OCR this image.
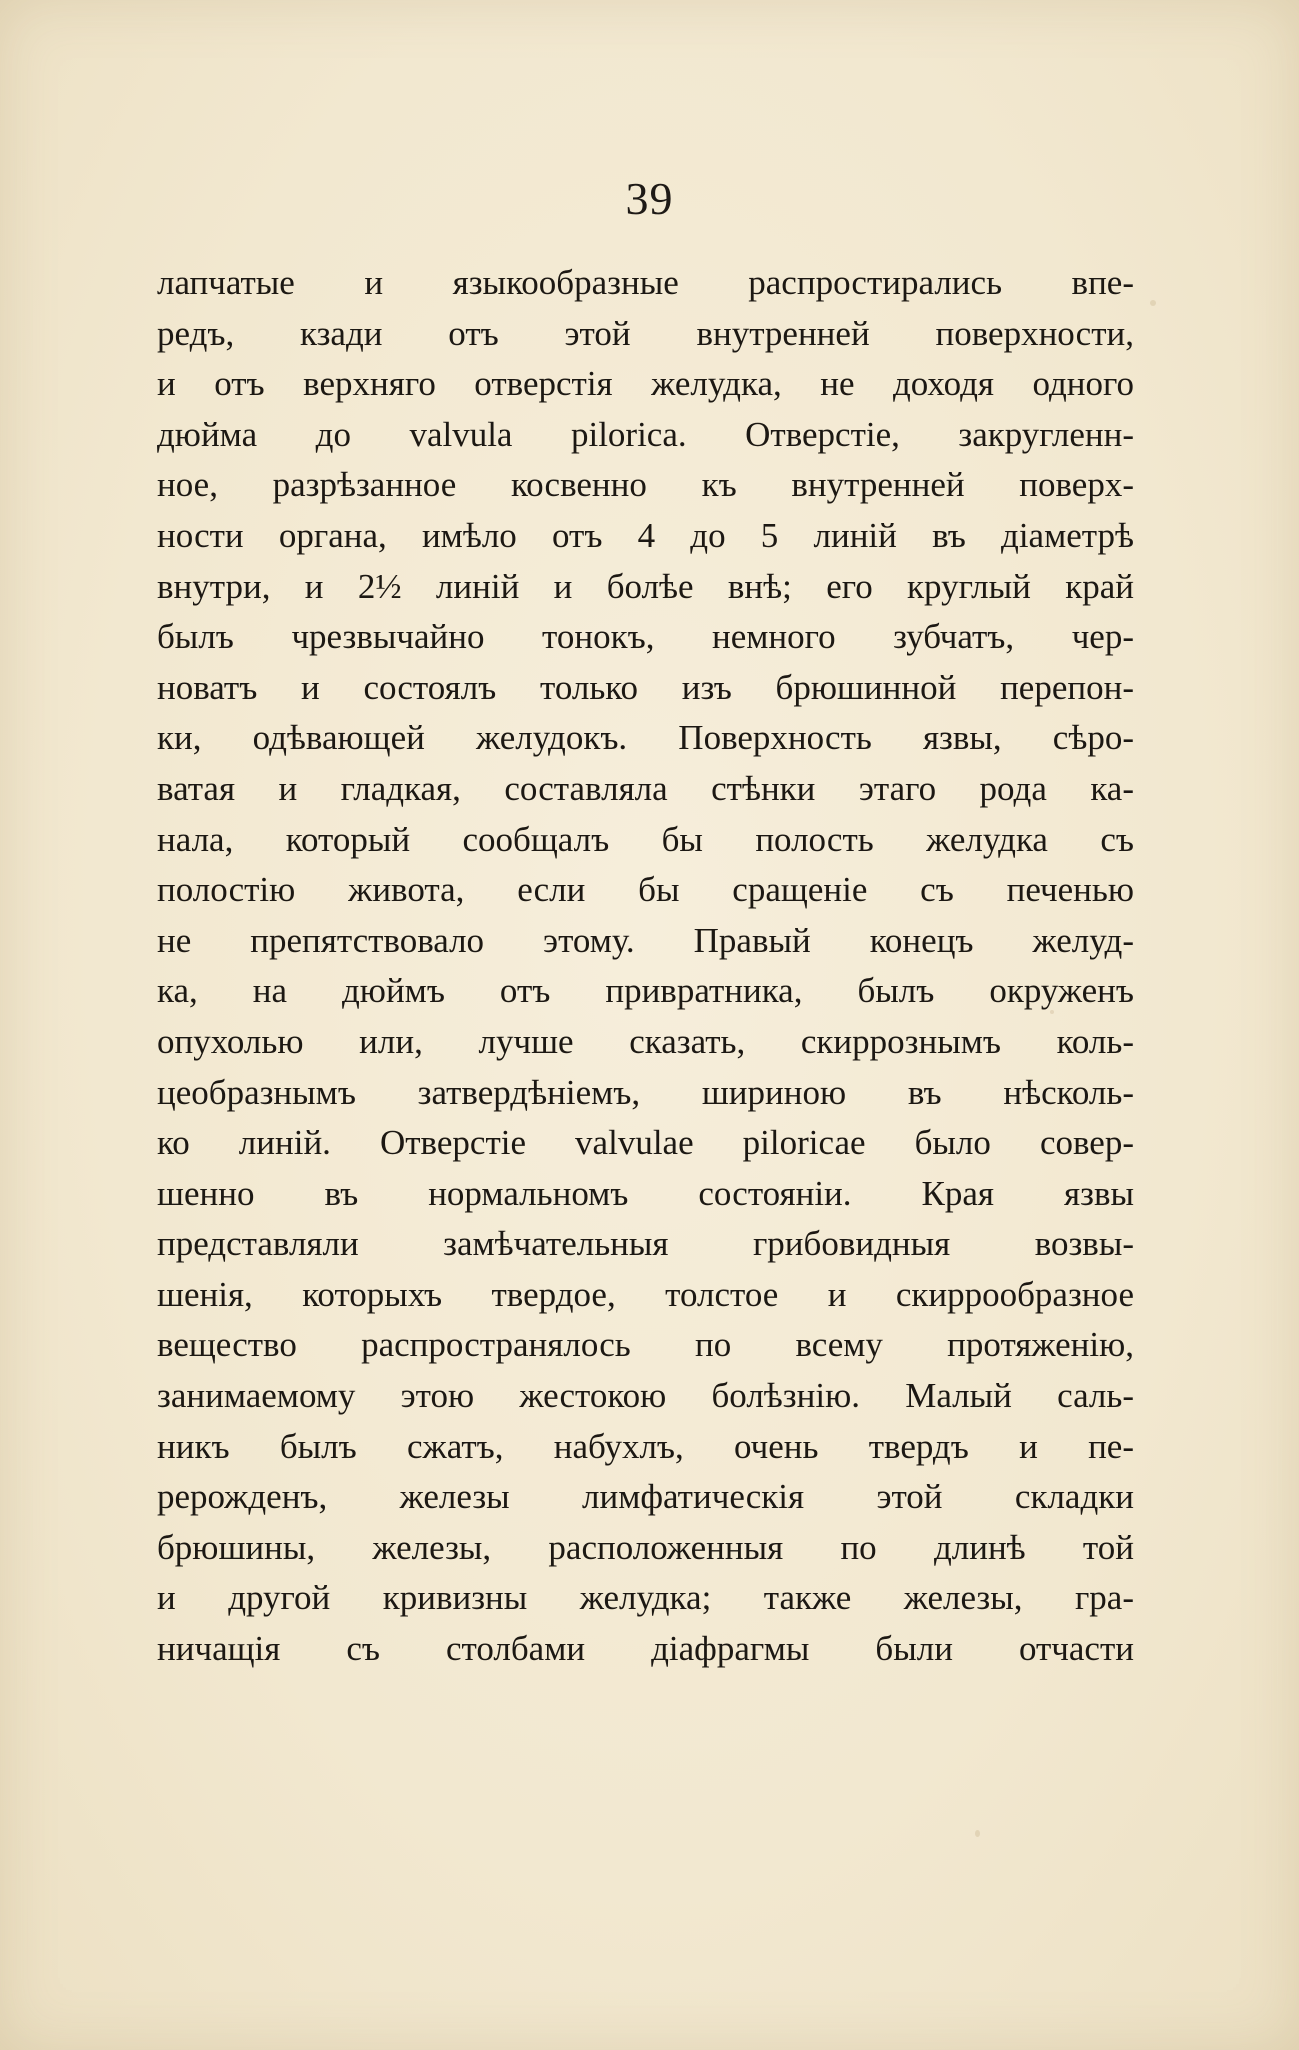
39
лапчатые и языкообразные распростирались впе-
редъ, кзади отъ этой внутренней поверхности,
и отъ верхняго отверстія желудка, не доходя одного
дюйма до valvula pilorica. Отверстіе, закругленн-
ное, разрѣзанное косвенно къ внутренней поверх-
ности органа, имѣло отъ 4 до 5 линій въ діаметрѣ
внутри, и 2½ линій и болѣе внѣ; его круглый край
былъ чрезвычайно тонокъ, немного зубчатъ, чер-
новатъ и состоялъ только изъ брюшинной перепон-
ки, одѣвающей желудокъ. Поверхность язвы, сѣро-
ватая и гладкая, составляла стѣнки этаго рода ка-
нала, который сообщалъ бы полость желудка съ
полостію живота, если бы сращеніе съ печенью
не препятствовало этому. Правый конецъ желуд-
ка, на дюймъ отъ привратника, былъ окруженъ
опухолью или, лучше сказать, скиррознымъ коль-
цеобразнымъ затвердѣніемъ, шириною въ нѣсколь-
ко линій. Отверстіе valvulae pilorісае было совер-
шенно въ нормальномъ состояніи. Края язвы
представляли замѣчательныя грибовидныя возвы-
шенія, которыхъ твердое, толстое и скиррообразное
вещество распространялось по всему протяженію,
занимаемому этою жестокою болѣзнію. Малый саль-
никъ былъ сжатъ, набухлъ, очень твердъ и пе-
рерожденъ, железы лимфатическія этой складки
брюшины, железы, расположенныя по длинѣ той
и другой кривизны желудка; также железы, гра-
ничащія съ столбами діафрагмы были отчасти
